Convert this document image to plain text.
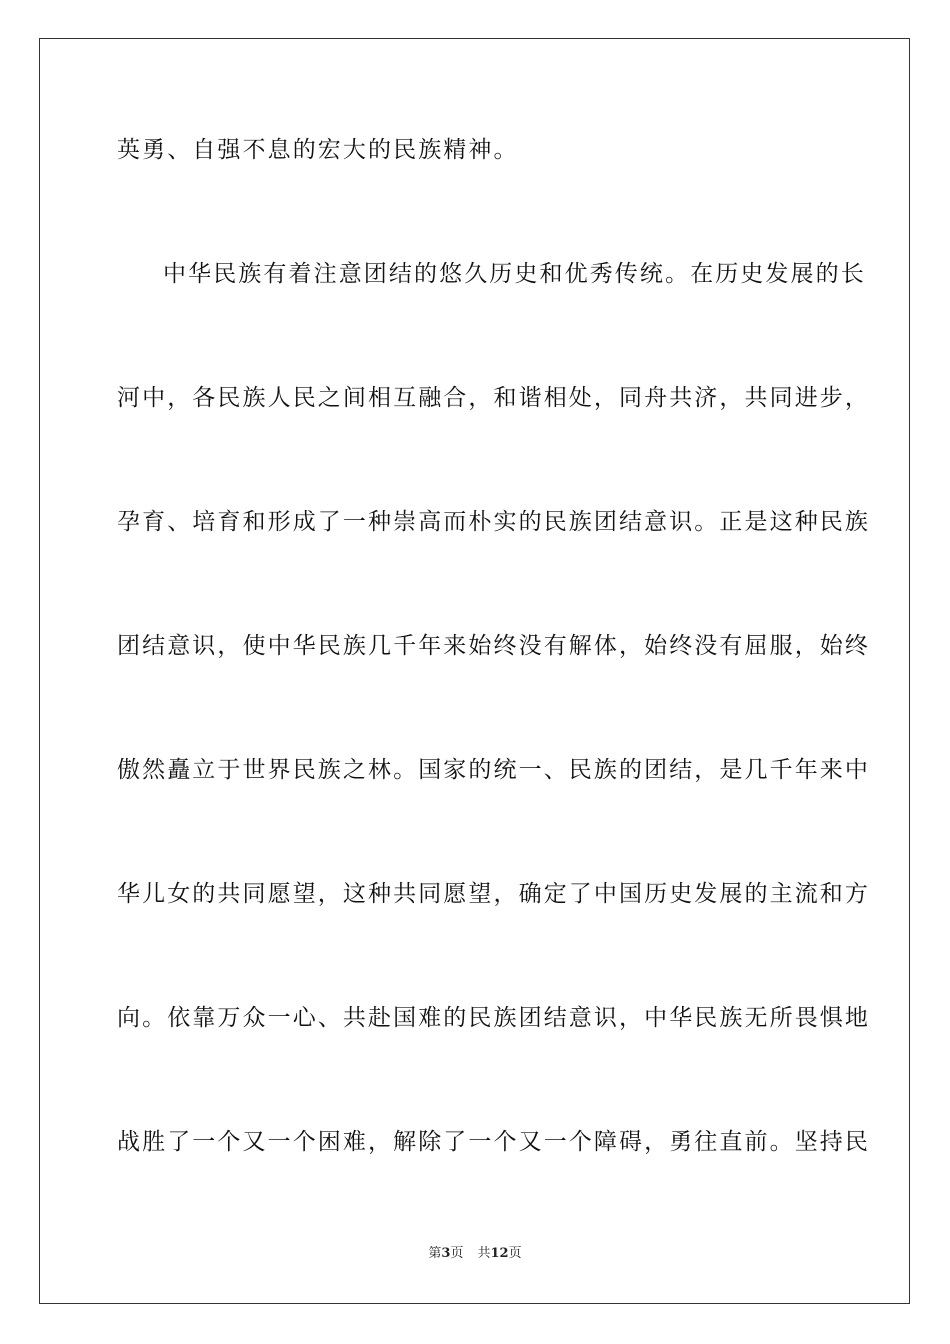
英勇、自强不息的宏大的民族精神。
中华民族有着注意团结的悠久历史和优秀传统。在历史发展的长
河中，各民族人民之间相互融合，和谐相处，同舟共济，共同进步，
孕育、培育和形成了一种崇高而朴实的民族团结意识。正是这种民族
团结意识，使中华民族几千年来始终没有解体，始终没有屈服，始终
傲然矗立于世界民族之林。国家的统一、民族的团结，是几千年来中
华儿女的共同愿望，这种共同愿望，确定了中国历史发展的主流和方
向。依靠万众一心、共赴国难的民族团结意识，中华民族无所畏惧地
战胜了一个又一个困难，解除了一个又一个障碍，勇往直前。坚持民
第3页 共12页
